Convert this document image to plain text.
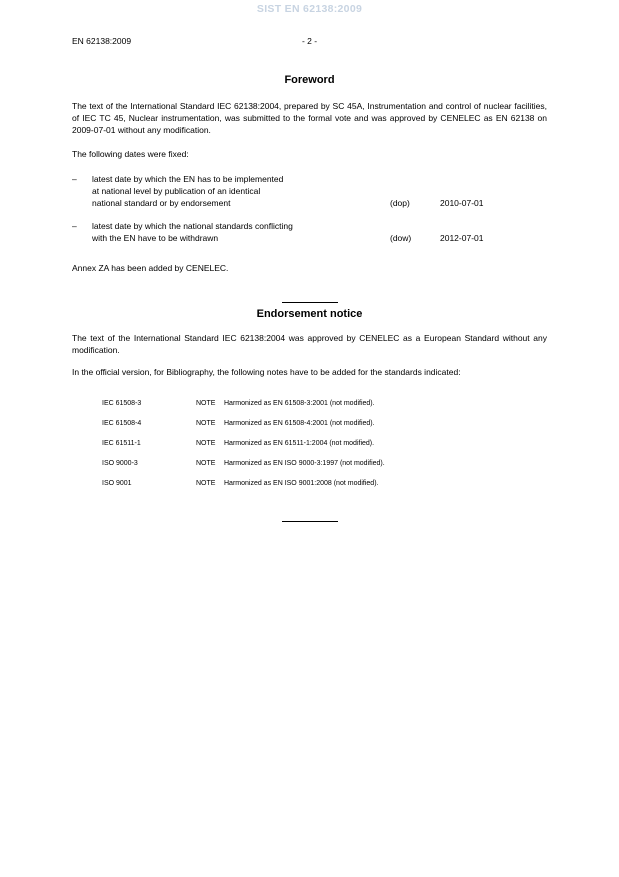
SIST EN 62138:2009
EN 62138:2009	- 2 -
Foreword
The text of the International Standard IEC 62138:2004, prepared by SC 45A, Instrumentation and control of nuclear facilities, of IEC TC 45, Nuclear instrumentation, was submitted to the formal vote and was approved by CENELEC as EN 62138 on 2009-07-01 without any modification.
The following dates were fixed:
–	latest date by which the EN has to be implemented
at national level by publication of an identical
national standard or by endorsement	(dop)	2010-07-01
–	latest date by which the national standards conflicting
with the EN have to be withdrawn	(dow)	2012-07-01
Annex ZA has been added by CENELEC.
Endorsement notice
The text of the International Standard IEC 62138:2004 was approved by CENELEC as a European Standard without any modification.
In the official version, for Bibliography, the following notes have to be added for the standards indicated:
IEC 61508-3	NOTE	Harmonized as EN 61508-3:2001 (not modified).
IEC 61508-4	NOTE	Harmonized as EN 61508-4:2001 (not modified).
IEC 61511-1	NOTE	Harmonized as EN 61511-1:2004 (not modified).
ISO 9000-3	NOTE	Harmonized as EN ISO 9000-3:1997 (not modified).
ISO 9001	NOTE	Harmonized as EN ISO 9001:2008 (not modified).
